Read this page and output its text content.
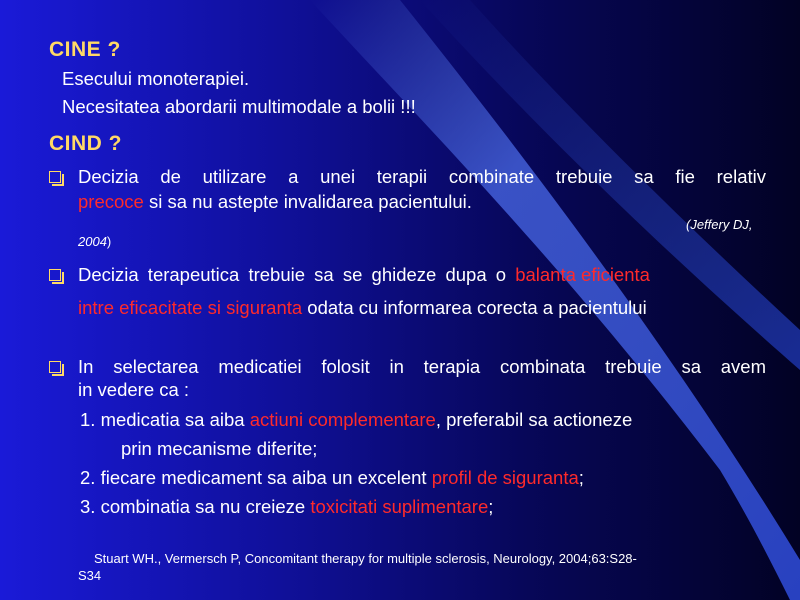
CINE ?
Esecului monoterapiei.
Necesitatea abordarii multimodale a bolii !!!
CIND ?
Decizia de utilizare a unei terapii combinate trebuie sa fie relativ
precoce si sa nu astepte invalidarea pacientului.
(Jeffery DJ,
2004)
Decizia terapeutica trebuie sa se ghideze dupa o balanta eficienta
intre eficacitate si siguranta odata cu informarea corecta a pacientului
In selectarea medicatiei folosit in terapia combinata trebuie sa avem
in vedere ca :
1. medicatia sa aiba actiuni complementare, preferabil sa actioneze
prin mecanisme diferite;
2. fiecare medicament sa aiba un excelent profil de siguranta;
3. combinatia sa nu creieze toxicitati suplimentare;
Stuart WH., Vermersch P, Concomitant therapy for multiple sclerosis, Neurology, 2004;63:S28-
S34
